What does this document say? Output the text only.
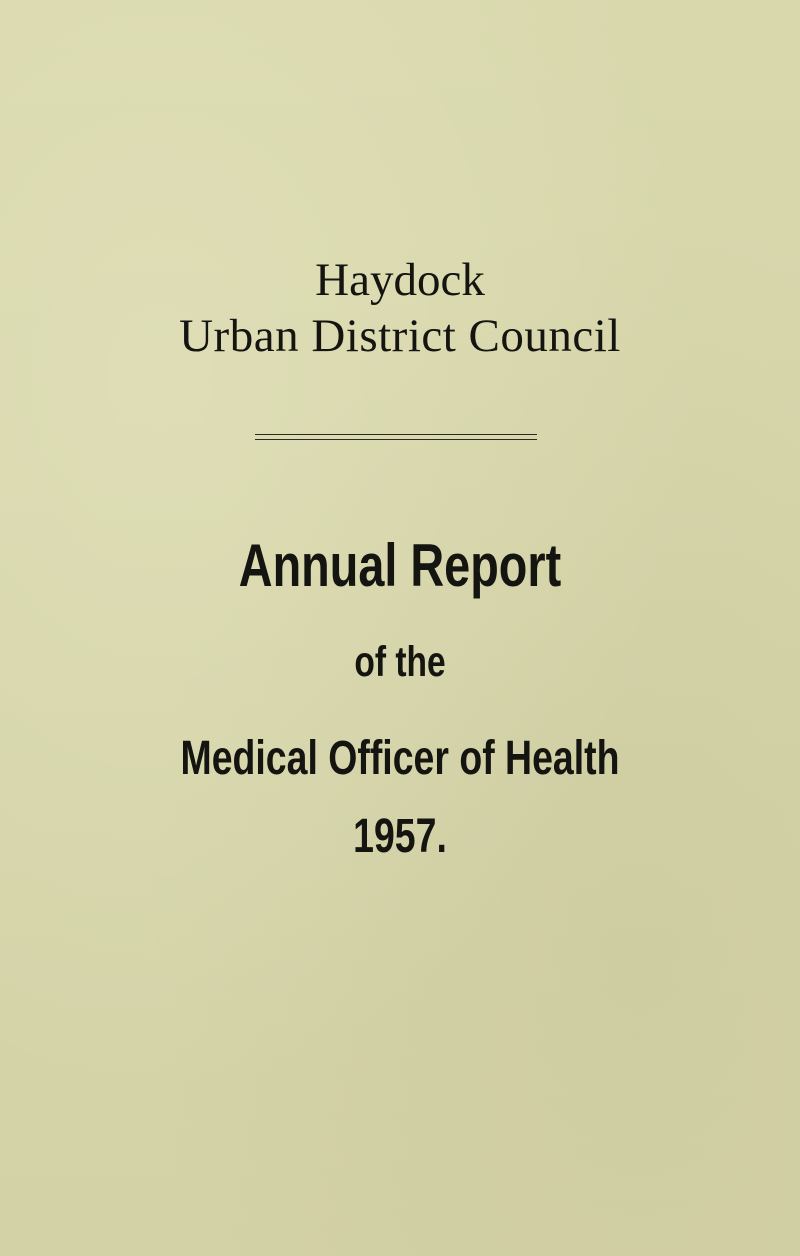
Haydock

Urban District Council

Annual Report

of the

Medical Officer of Health

1957.
